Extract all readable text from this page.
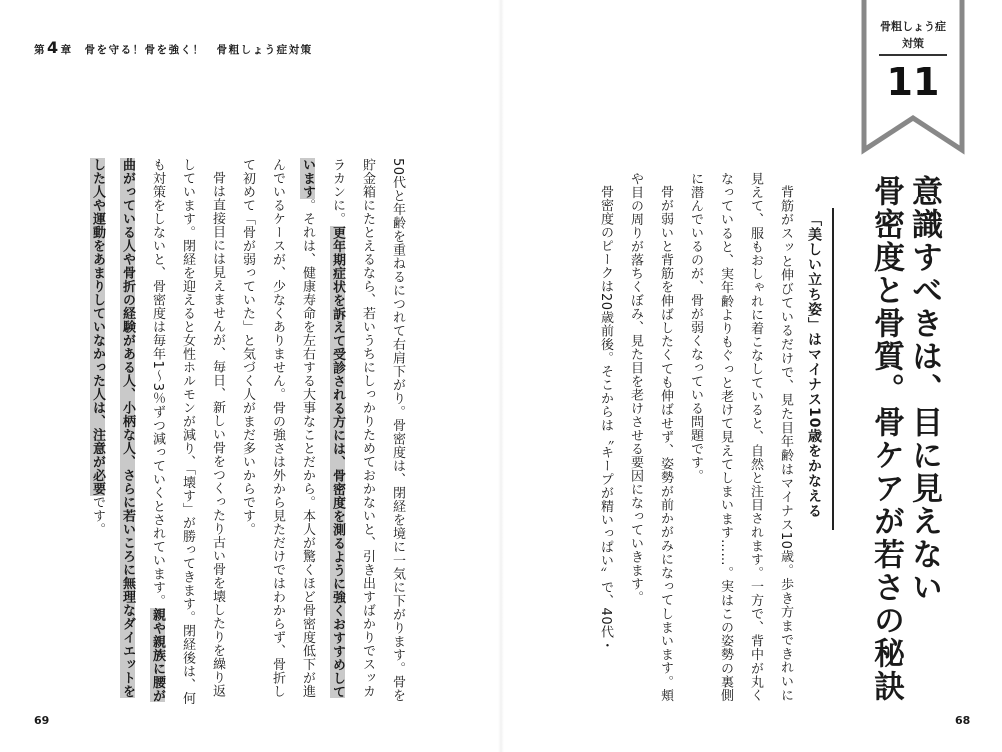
第4章 骨を守る！骨を強く！　骨粗しょう症対策
骨粗しょう症
対策
11
意識すべきは、目に見えない
骨密度と骨質。骨ケアが若さの秘訣
「美しい立ち姿」はマイナス10歳をかなえる

背筋がスッと伸びているだけで、見た目年齢はマイナス10歳。歩き方まできれいに見えて、服もおしゃれに着こなしていると、自然と注目されます。一方で、背中が丸くなっていると、実年齢よりもぐっと老けて見えてしまいます……。実はこの姿勢の裏側に潜んでいるのが、骨が弱くなっている問題です。

骨が弱いと背筋を伸ばしたくても伸ばせず、姿勢が前かがみになってしまいます。頬や目の周りが落ちくぼみ、見た目を老けさせる要因になっていきます。

骨密度のピークは20歳前後。そこからは〝キープが精いっぱい〟で、40代・

50代と年齢を重ねるにつれて右肩下がり。骨密度は、閉経を境に一気に下がります。骨を貯金箱にたとえるなら、若いうちにしっかりためておかないと、引き出すばかりでスッカラカンに。更年期症状を訴えて受診される方には、骨密度を測るように強くおすすめしています。それは、健康寿命を左右する大事なことだから。本人が驚くほど骨密度低下が進んでいるケースが、少なくありません。骨の強さは外から見ただけではわからず、骨折して初めて「骨が弱っていた」と気づく人がまだ多いからです。

骨は直接目には見えませんが、毎日、新しい骨をつくったり古い骨を壊したりを繰り返しています。閉経を迎えると女性ホルモンが減り、「壊す」が勝ってきます。閉経後は、何も対策をしないと、骨密度は毎年1～3％ずつ減っていくとされています。親や親族に腰が曲がっている人や骨折の経験がある人、小柄な人、さらに若いころに無理なダイエットをした人や運動をあまりしていなかった人は、注意が必要です。

69	68
